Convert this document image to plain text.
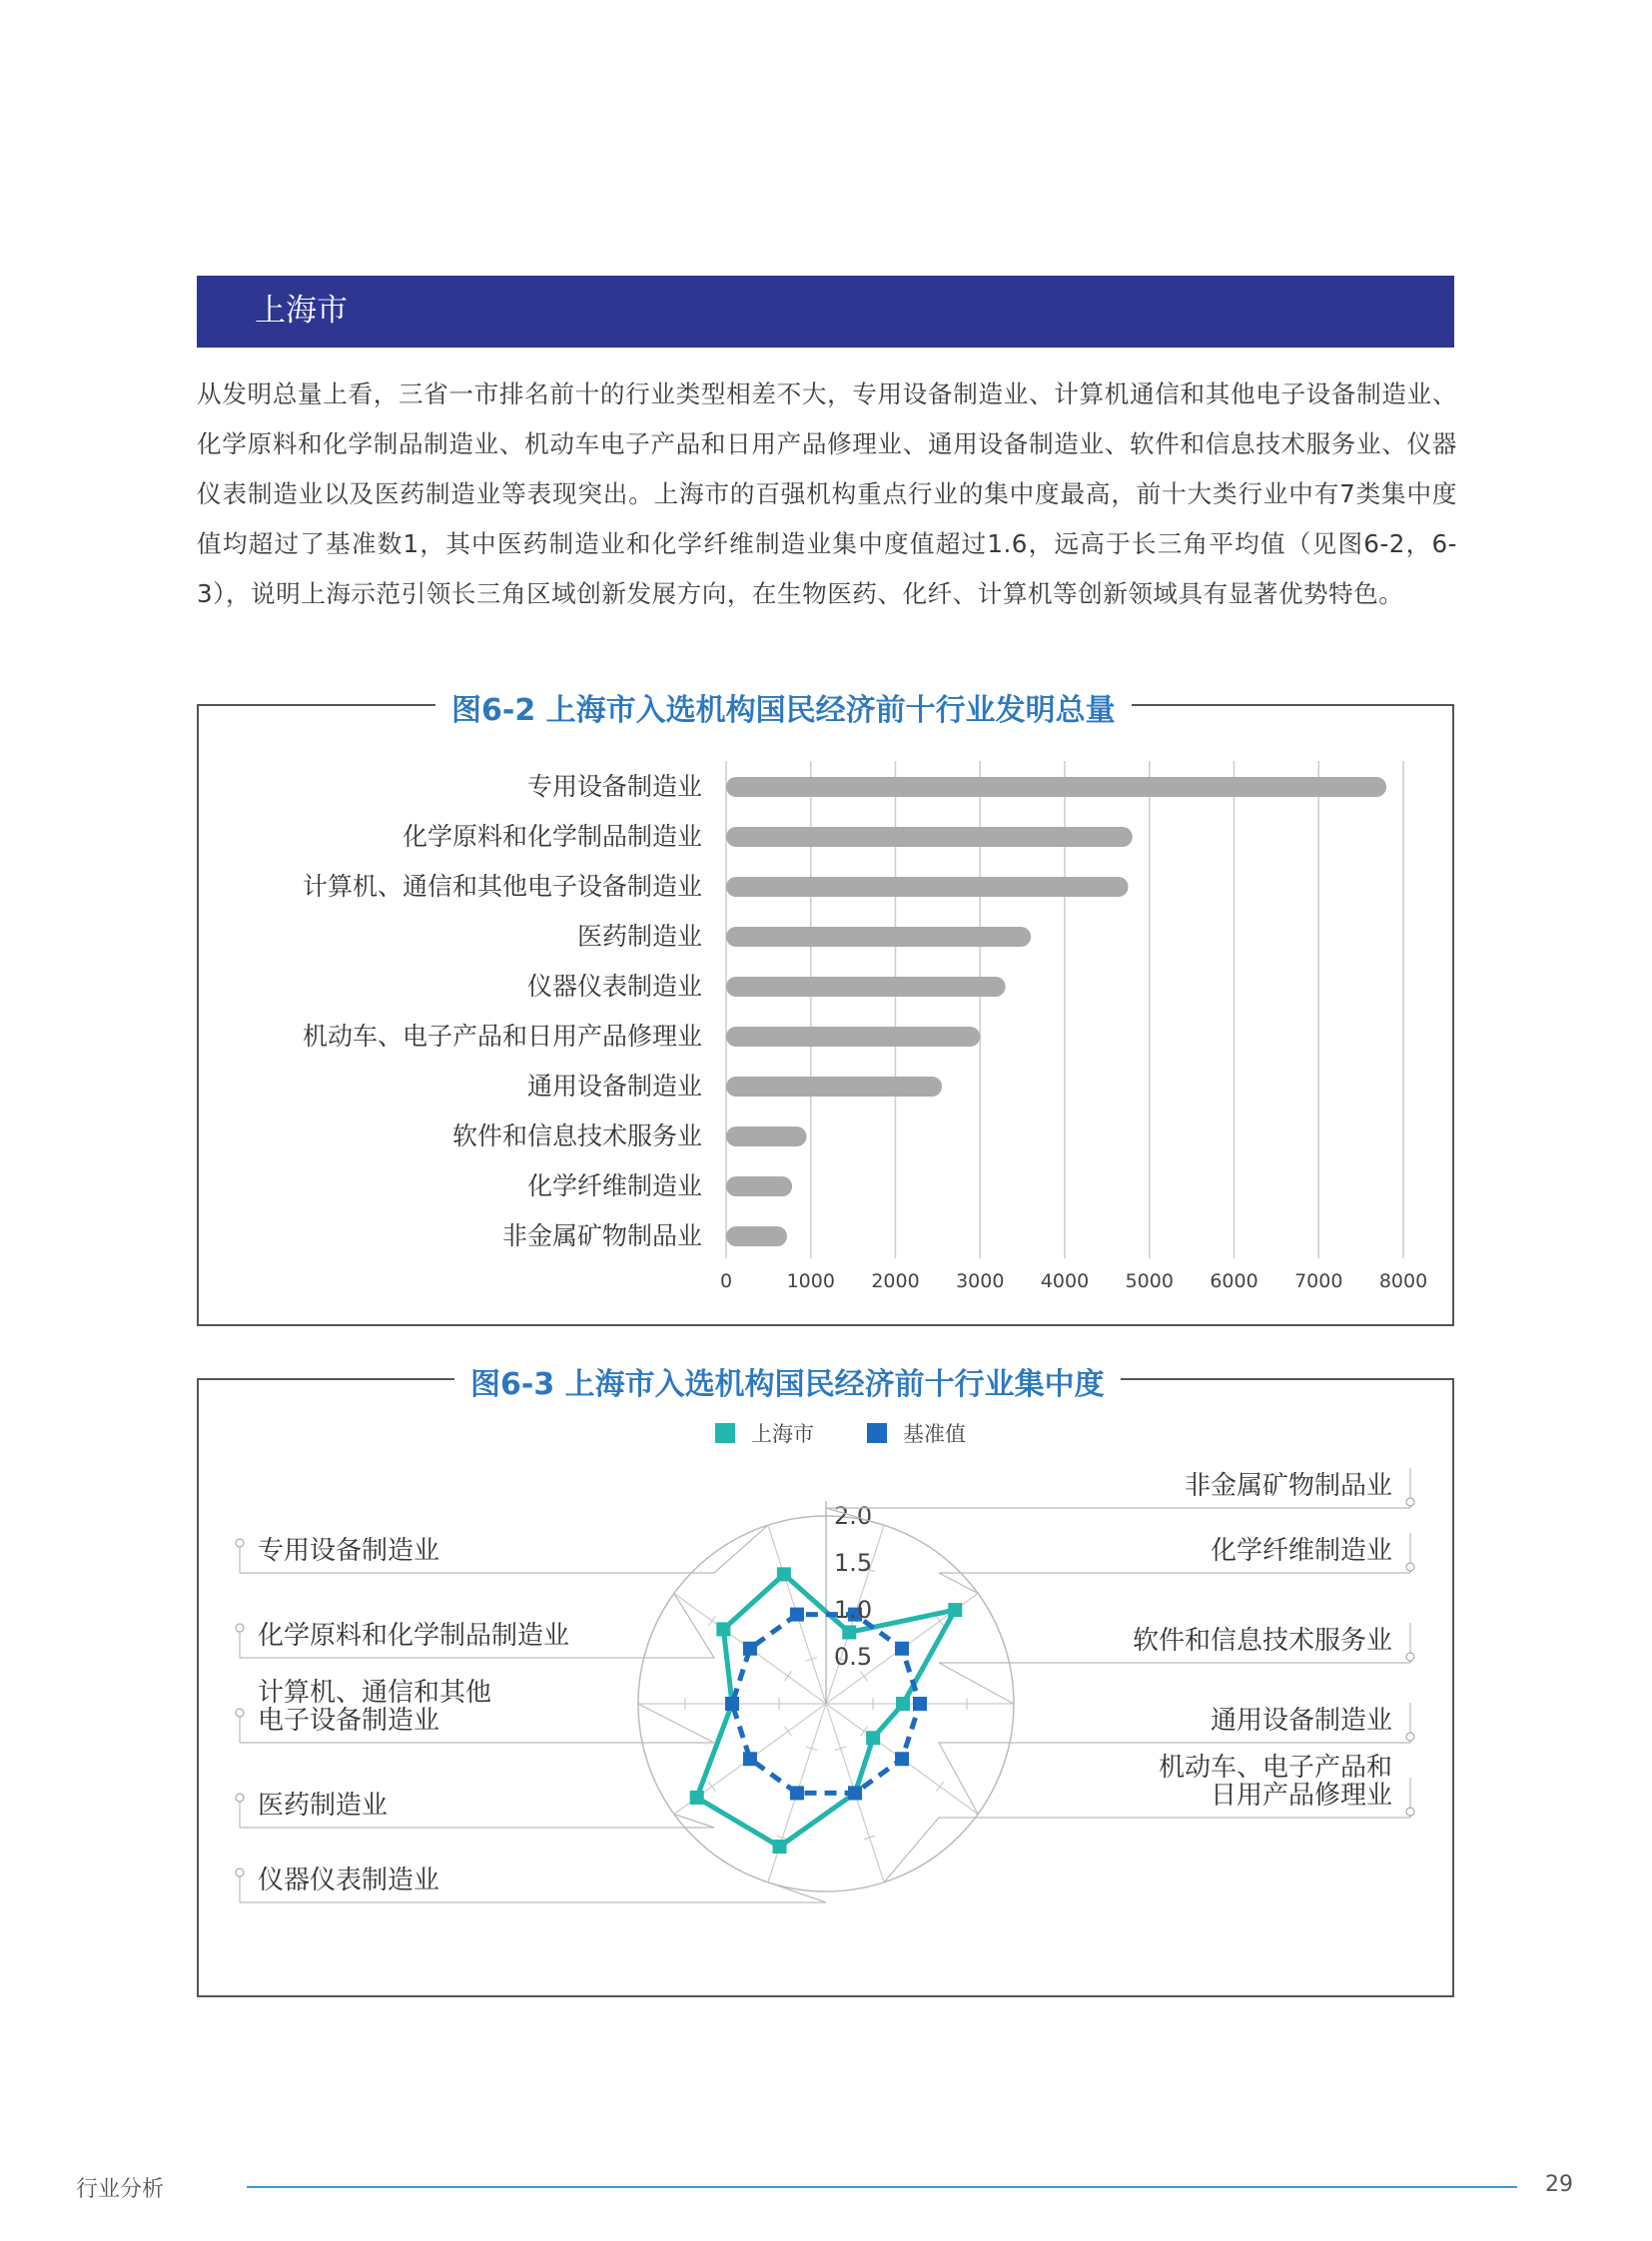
上海市
从发明总量上看，三省一市排名前十的行业类型相差不大，专用设备制造业、计算机通信和其他电子设备制造业、化学原料和化学制品制造业、机动车电子产品和日用产品修理业、通用设备制造业、软件和信息技术服务业、仪器仪表制造业以及医药制造业等表现突出。上海市的百强机构重点行业的集中度最高，前十大类行业中有7类集中度值均超过了基准数1，其中医药制造业和化学纤维制造业集中度值超过1.6，远高于长三角平均值（见图6-2，6-3），说明上海示范引领长三角区域创新发展方向，在生物医药、化纤、计算机等创新领域具有显著优势特色。
图6-2 上海市入选机构国民经济前十行业发明总量
0	1000	2000	3000	4000	5000	6000	7000	8000
专用设备制造业
化学原料和化学制品制造业
计算机、通信和其他电子设备制造业
医药制造业
仪器仪表制造业
机动车、电子产品和日用产品修理业
通用设备制造业
软件和信息技术服务业
化学纤维制造业
非金属矿物制品业
图6-3 上海市入选机构国民经济前十行业集中度
上海市	基准值
0.5
1.0
1.5
2.0
专用设备制造业
化学原料和化学制品制造业
计算机、通信和其他
电子设备制造业
医药制造业
仪器仪表制造业
非金属矿物制品业
化学纤维制造业
软件和信息技术服务业
通用设备制造业
机动车、电子产品和
日用产品修理业
行业分析	29
